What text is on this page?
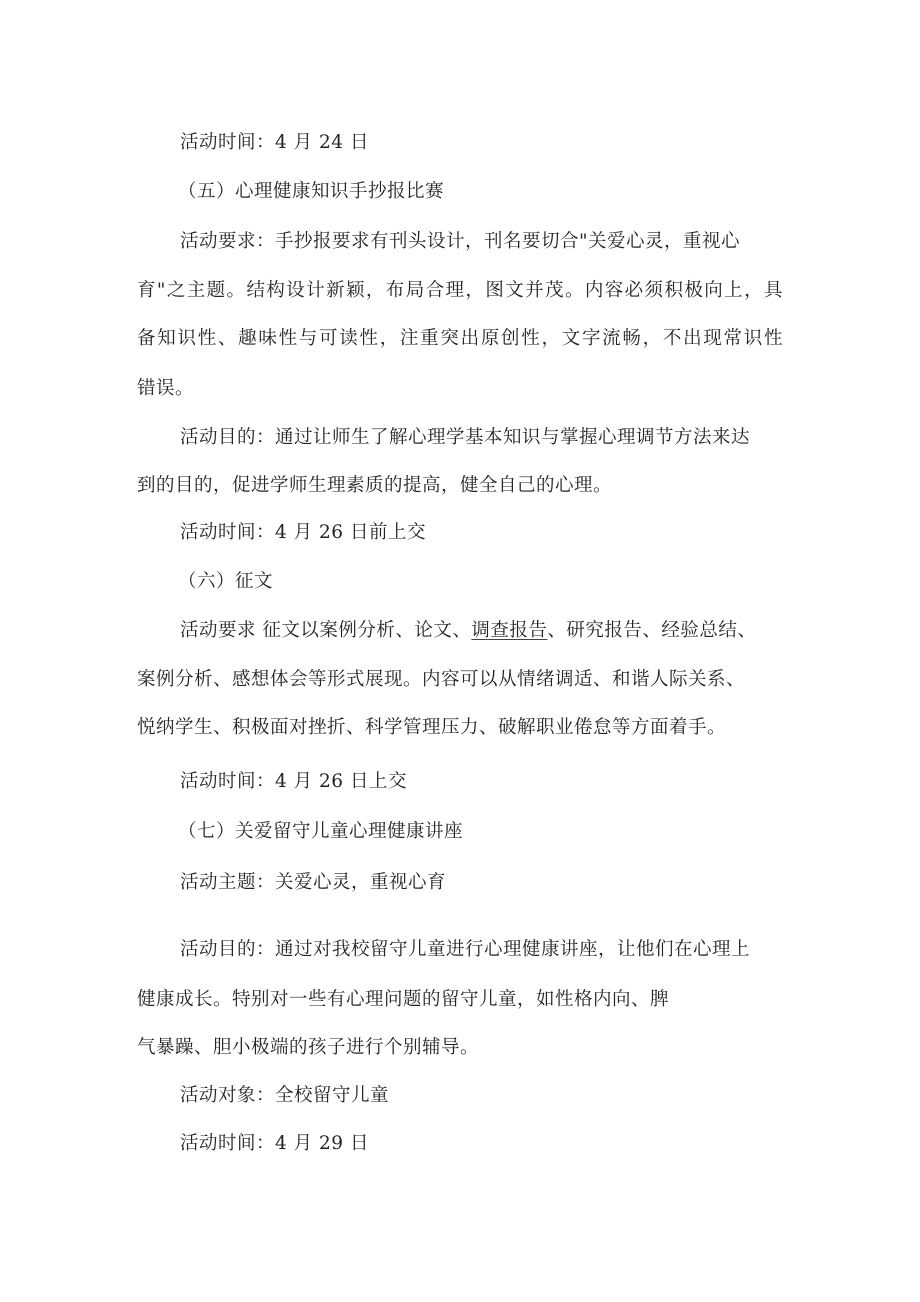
活动时间：4 月 24 日
（五）心理健康知识手抄报比赛
活动要求：手抄报要求有刊头设计，刊名要切合"关爱心灵，重视心
育"之主题。结构设计新颖，布局合理，图文并茂。内容必须积极向上，具
备知识性、趣味性与可读性，注重突出原创性，文字流畅，不出现常识性
错误。
活动目的：通过让师生了解心理学基本知识与掌握心理调节方法来达
到的目的，促进学师生理素质的提高，健全自己的心理。
活动时间：4 月 26 日前上交
（六）征文
活动要求 征文以案例分析、论文、调查报告、研究报告、经验总结、
案例分析、感想体会等形式展现。内容可以从情绪调适、和谐人际关系、
悦纳学生、积极面对挫折、科学管理压力、破解职业倦怠等方面着手。
活动时间：4 月 26 日上交
（七）关爱留守儿童心理健康讲座
活动主题：关爱心灵，重视心育
活动目的：通过对我校留守儿童进行心理健康讲座，让他们在心理上
健康成长。特别对一些有心理问题的留守儿童，如性格内向、脾
气暴躁、胆小极端的孩子进行个别辅导。
活动对象：全校留守儿童
活动时间：4 月 29 日
